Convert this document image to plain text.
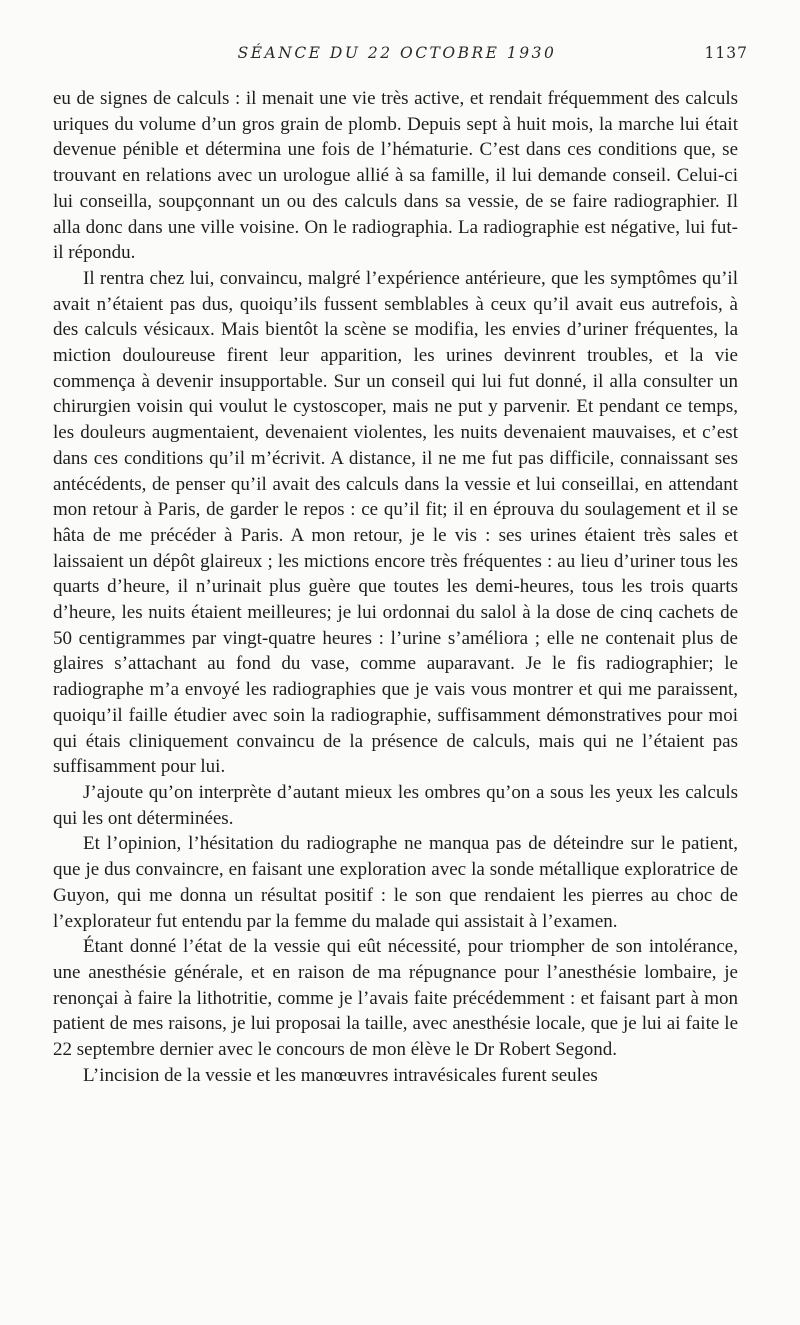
SÉANCE DU 22 OCTOBRE 1930	1137

eu de signes de calculs : il menait une vie très active, et rendait fréquemment des calculs uriques du volume d’un gros grain de plomb. Depuis sept à huit mois, la marche lui était devenue pénible et détermina une fois de l’hématurie. C’est dans ces conditions que, se trouvant en relations avec un urologue allié à sa famille, il lui demande conseil. Celui-ci lui conseilla, soupçonnant un ou des calculs dans sa vessie, de se faire radiographier. Il alla donc dans une ville voisine. On le radiographia. La radiographie est négative, lui fut-il répondu.

Il rentra chez lui, convaincu, malgré l’expérience antérieure, que les symptômes qu’il avait n’étaient pas dus, quoiqu’ils fussent semblables à ceux qu’il avait eus autrefois, à des calculs vésicaux. Mais bientôt la scène se modifia, les envies d’uriner fréquentes, la miction douloureuse firent leur apparition, les urines devinrent troubles, et la vie commença à devenir insupportable. Sur un conseil qui lui fut donné, il alla consulter un chirurgien voisin qui voulut le cystoscoper, mais ne put y parvenir. Et pendant ce temps, les douleurs augmentaient, devenaient violentes, les nuits devenaient mauvaises, et c’est dans ces conditions qu’il m’écrivit. A distance, il ne me fut pas difficile, connaissant ses antécédents, de penser qu’il avait des calculs dans la vessie et lui conseillai, en attendant mon retour à Paris, de garder le repos : ce qu’il fit; il en éprouva du soulagement et il se hâta de me précéder à Paris. A mon retour, je le vis : ses urines étaient très sales et laissaient un dépôt glaireux ; les mictions encore très fréquentes : au lieu d’uriner tous les quarts d’heure, il n’urinait plus guère que toutes les demi-heures, tous les trois quarts d’heure, les nuits étaient meilleures; je lui ordonnai du salol à la dose de cinq cachets de 50 centigrammes par vingt-quatre heures : l’urine s’améliora ; elle ne contenait plus de glaires s’attachant au fond du vase, comme auparavant. Je le fis radiographier; le radiographe m’a envoyé les radiographies que je vais vous montrer et qui me paraissent, quoiqu’il faille étudier avec soin la radiographie, suffisamment démonstratives pour moi qui étais cliniquement convaincu de la présence de calculs, mais qui ne l’étaient pas suffisamment pour lui.

J’ajoute qu’on interprète d’autant mieux les ombres qu’on a sous les yeux les calculs qui les ont déterminées.

Et l’opinion, l’hésitation du radiographe ne manqua pas de déteindre sur le patient, que je dus convaincre, en faisant une exploration avec la sonde métallique exploratrice de Guyon, qui me donna un résultat positif : le son que rendaient les pierres au choc de l’explorateur fut entendu par la femme du malade qui assistait à l’examen.

Étant donné l’état de la vessie qui eût nécessité, pour triompher de son intolérance, une anesthésie générale, et en raison de ma répugnance pour l’anesthésie lombaire, je renonçai à faire la lithotritie, comme je l’avais faite précédemment : et faisant part à mon patient de mes raisons, je lui proposai la taille, avec anesthésie locale, que je lui ai faite le 22 septembre dernier avec le concours de mon élève le Dr Robert Segond.

L’incision de la vessie et les manœuvres intravésicales furent seules
